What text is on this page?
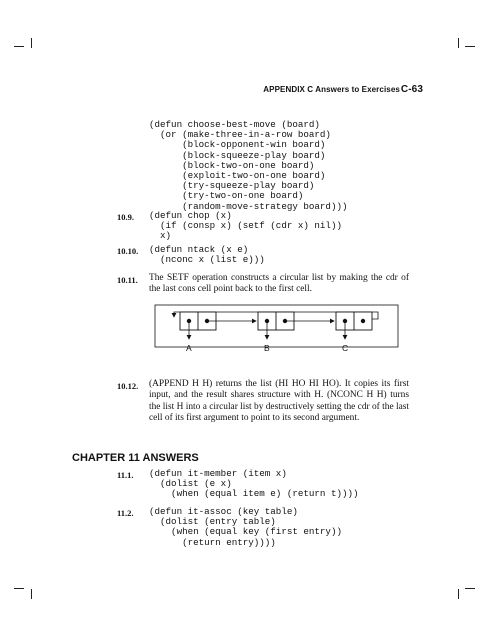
APPENDIX C Answers to ExercisesC-63
(defun choose-best-move (board)
(or (make-three-in-a-row board)
(block-opponent-win board)
(block-squeeze-play board)
(block-two-on-one board)
(exploit-two-on-one board)
(try-squeeze-play board)
(try-two-on-one board)
(random-move-strategy board)))
10.9. (defun chop (x)
(if (consp x) (setf (cdr x) nil))
x)
10.10. (defun ntack (x e)
(nconc x (list e)))
10.11. The SETF operation constructs a circular list by making the cdr of the last cons cell point back to the first cell.
A	B	C
10.12. (APPEND H H) returns the list (HI HO HI HO). It copies its first input, and the result shares structure with H. (NCONC H H) turns the list H into a circular list by destructively setting the cdr of the last cell of its first argument to point to its second argument.
CHAPTER 11 ANSWERS
11.1. (defun it-member (item x)
(dolist (e x)
(when (equal item e) (return t))))
11.2. (defun it-assoc (key table)
(dolist (entry table)
(when (equal key (first entry))
(return entry))))
